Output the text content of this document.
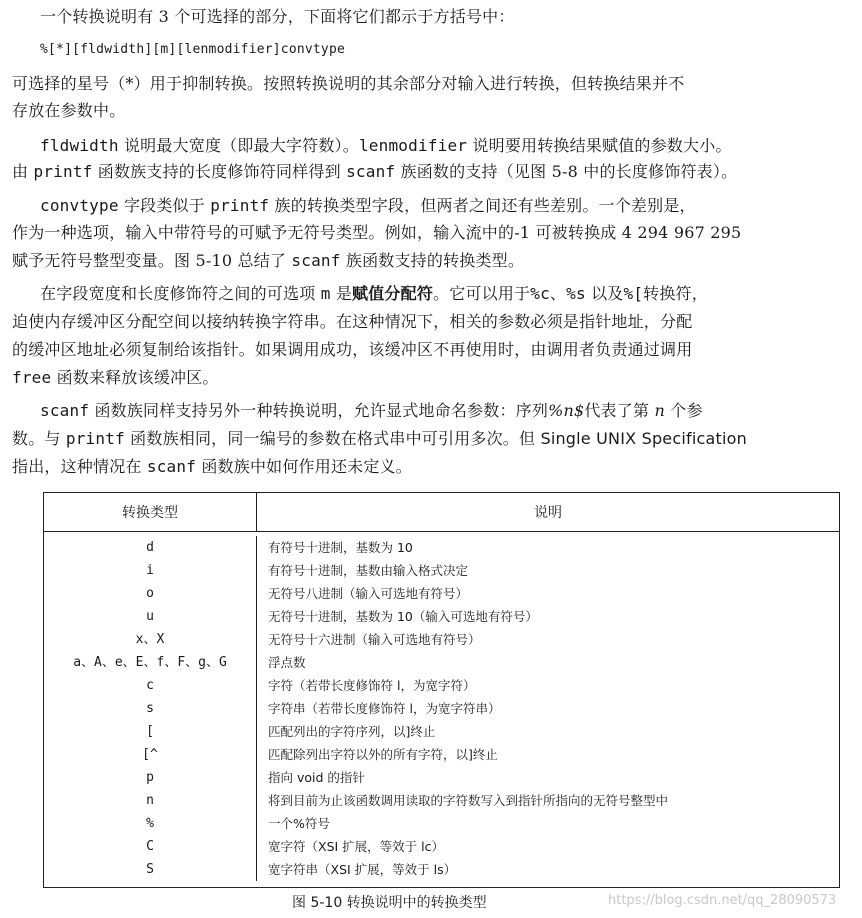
一个转换说明有 3 个可选择的部分，下面将它们都示于方括号中：
%[*][fldwidth][m][lenmodifier]convtype
可选择的星号（*）用于抑制转换。按照转换说明的其余部分对输入进行转换，但转换结果并不
存放在参数中。
fldwidth 说明最大宽度（即最大字符数）。lenmodifier 说明要用转换结果赋值的参数大小。
由 printf 函数族支持的长度修饰符同样得到 scanf 族函数的支持（见图 5-8 中的长度修饰符表）。
convtype 字段类似于 printf 族的转换类型字段，但两者之间还有些差别。一个差别是，
作为一种选项，输入中带符号的可赋予无符号类型。例如，输入流中的-1 可被转换成 4 294 967 295
赋予无符号整型变量。图 5-10 总结了 scanf 族函数支持的转换类型。
在字段宽度和长度修饰符之间的可选项 m 是赋值分配符。它可以用于%c、%s 以及%[转换符，
迫使内存缓冲区分配空间以接纳转换字符串。在这种情况下，相关的参数必须是指针地址，分配
的缓冲区地址必须复制给该指针。如果调用成功，该缓冲区不再使用时，由调用者负责通过调用
free 函数来释放该缓冲区。
scanf 函数族同样支持另外一种转换说明，允许显式地命名参数：序列%n$代表了第 n 个参
数。与 printf 函数族相同，同一编号的参数在格式串中可引用多次。但 Single UNIX Specification
指出，这种情况在 scanf 函数族中如何作用还未定义。
转换类型	说明
d
i
o
u
x、X
a、A、e、E、f、F、g、G
c
s
[
[^
p
n
%
C
S
有符号十进制，基数为 10
有符号十进制，基数由输入格式决定
无符号八进制（输入可选地有符号）
无符号十进制，基数为 10（输入可选地有符号）
无符号十六进制（输入可选地有符号）
浮点数
字符（若带长度修饰符 l，为宽字符）
字符串（若带长度修饰符 l，为宽字符串）
匹配列出的字符序列，以]终止
匹配除列出字符以外的所有字符，以]终止
指向 void 的指针
将到目前为止该函数调用读取的字符数写入到指针所指向的无符号整型中
一个%符号
宽字符（XSI 扩展，等效于 lc）
宽字符串（XSI 扩展，等效于 ls）
图 5-10 转换说明中的转换类型	https://blog.csdn.net/qq_28090573
